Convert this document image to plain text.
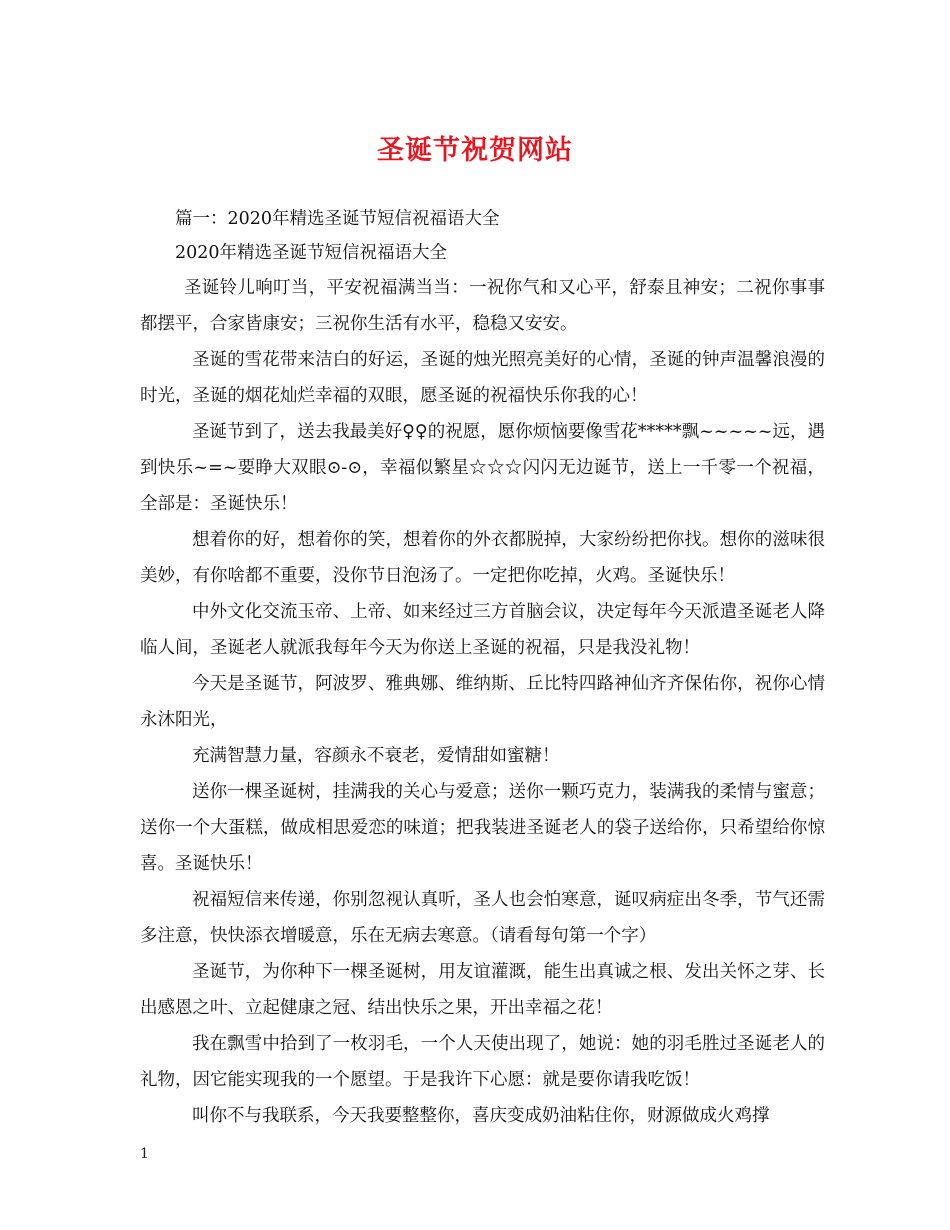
圣诞节祝贺网站
篇一：2020年精选圣诞节短信祝福语大全
2020年精选圣诞节短信祝福语大全

圣诞铃儿响叮当，平安祝福满当当：一祝你气和又心平，舒泰且神安；二祝你事事都摆平，合家皆康安；三祝你生活有水平，稳稳又安安。

圣诞的雪花带来洁白的好运，圣诞的烛光照亮美好的心情，圣诞的钟声温馨浪漫的时光，圣诞的烟花灿烂幸福的双眼，愿圣诞的祝福快乐你我的心！

圣诞节到了，送去我最美好♀♀的祝愿，愿你烦恼要像雪花*****飘~~~~~远，遇到快乐~=~要睁大双眼⊙-⊙，幸福似繁星☆☆☆闪闪无边诞节，送上一千零一个祝福，全部是：圣诞快乐！

想着你的好，想着你的笑，想着你的外衣都脱掉，大家纷纷把你找。想你的滋味很美妙，有你啥都不重要，没你节日泡汤了。一定把你吃掉，火鸡。圣诞快乐！

中外文化交流玉帝、上帝、如来经过三方首脑会议，决定每年今天派遣圣诞老人降临人间，圣诞老人就派我每年今天为你送上圣诞的祝福，只是我没礼物！

今天是圣诞节，阿波罗、雅典娜、维纳斯、丘比特四路神仙齐齐保佑你，祝你心情永沐阳光，

充满智慧力量，容颜永不衰老，爱情甜如蜜糖！

送你一棵圣诞树，挂满我的关心与爱意；送你一颗巧克力，装满我的柔情与蜜意；送你一个大蛋糕，做成相思爱恋的味道；把我装进圣诞老人的袋子送给你，只希望给你惊喜。圣诞快乐！

祝福短信来传递，你别忽视认真听，圣人也会怕寒意，诞叹病症出冬季，节气还需多注意，快快添衣增暖意，乐在无病去寒意。（请看每句第一个字）

圣诞节，为你种下一棵圣诞树，用友谊灌溉，能生出真诚之根、发出关怀之芽、长出感恩之叶、立起健康之冠、结出快乐之果，开出幸福之花！

我在飘雪中拾到了一枚羽毛，一个人天使出现了，她说：她的羽毛胜过圣诞老人的礼物，因它能实现我的一个愿望。于是我许下心愿：就是要你请我吃饭！

叫你不与我联系，今天我要整整你，喜庆变成奶油粘住你，财源做成火鸡撑

1
